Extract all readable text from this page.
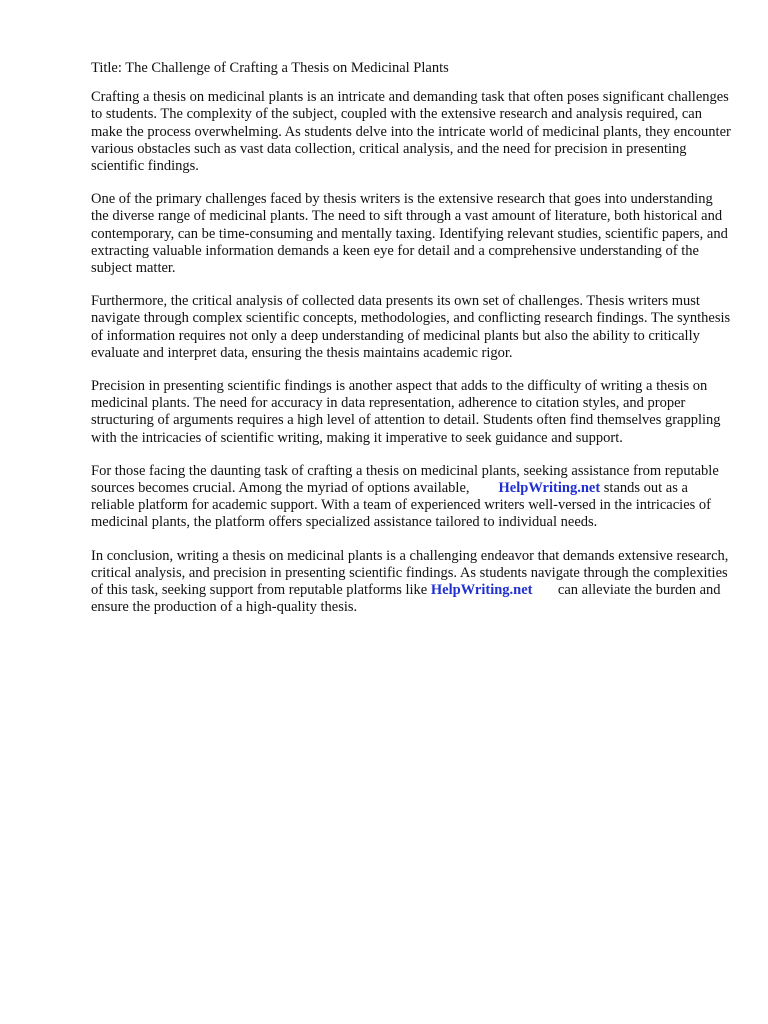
Title: The Challenge of Crafting a Thesis on Medicinal Plants

Crafting a thesis on medicinal plants is an intricate and demanding task that often poses significant challenges to students. The complexity of the subject, coupled with the extensive research and analysis required, can make the process overwhelming. As students delve into the intricate world of medicinal plants, they encounter various obstacles such as vast data collection, critical analysis, and the need for precision in presenting scientific findings.

One of the primary challenges faced by thesis writers is the extensive research that goes into understanding the diverse range of medicinal plants. The need to sift through a vast amount of literature, both historical and contemporary, can be time-consuming and mentally taxing. Identifying relevant studies, scientific papers, and extracting valuable information demands a keen eye for detail and a comprehensive understanding of the subject matter.

Furthermore, the critical analysis of collected data presents its own set of challenges. Thesis writers must navigate through complex scientific concepts, methodologies, and conflicting research findings. The synthesis of information requires not only a deep understanding of medicinal plants but also the ability to critically evaluate and interpret data, ensuring the thesis maintains academic rigor.

Precision in presenting scientific findings is another aspect that adds to the difficulty of writing a thesis on medicinal plants. The need for accuracy in data representation, adherence to citation styles, and proper structuring of arguments requires a high level of attention to detail. Students often find themselves grappling with the intricacies of scientific writing, making it imperative to seek guidance and support.

For those facing the daunting task of crafting a thesis on medicinal plants, seeking assistance from reputable sources becomes crucial. Among the myriad of options available, HelpWriting.net stands out as a reliable platform for academic support. With a team of experienced writers well-versed in the intricacies of medicinal plants, the platform offers specialized assistance tailored to individual needs.

In conclusion, writing a thesis on medicinal plants is a challenging endeavor that demands extensive research, critical analysis, and precision in presenting scientific findings. As students navigate through the complexities of this task, seeking support from reputable platforms like HelpWriting.net can alleviate the burden and ensure the production of a high-quality thesis.
